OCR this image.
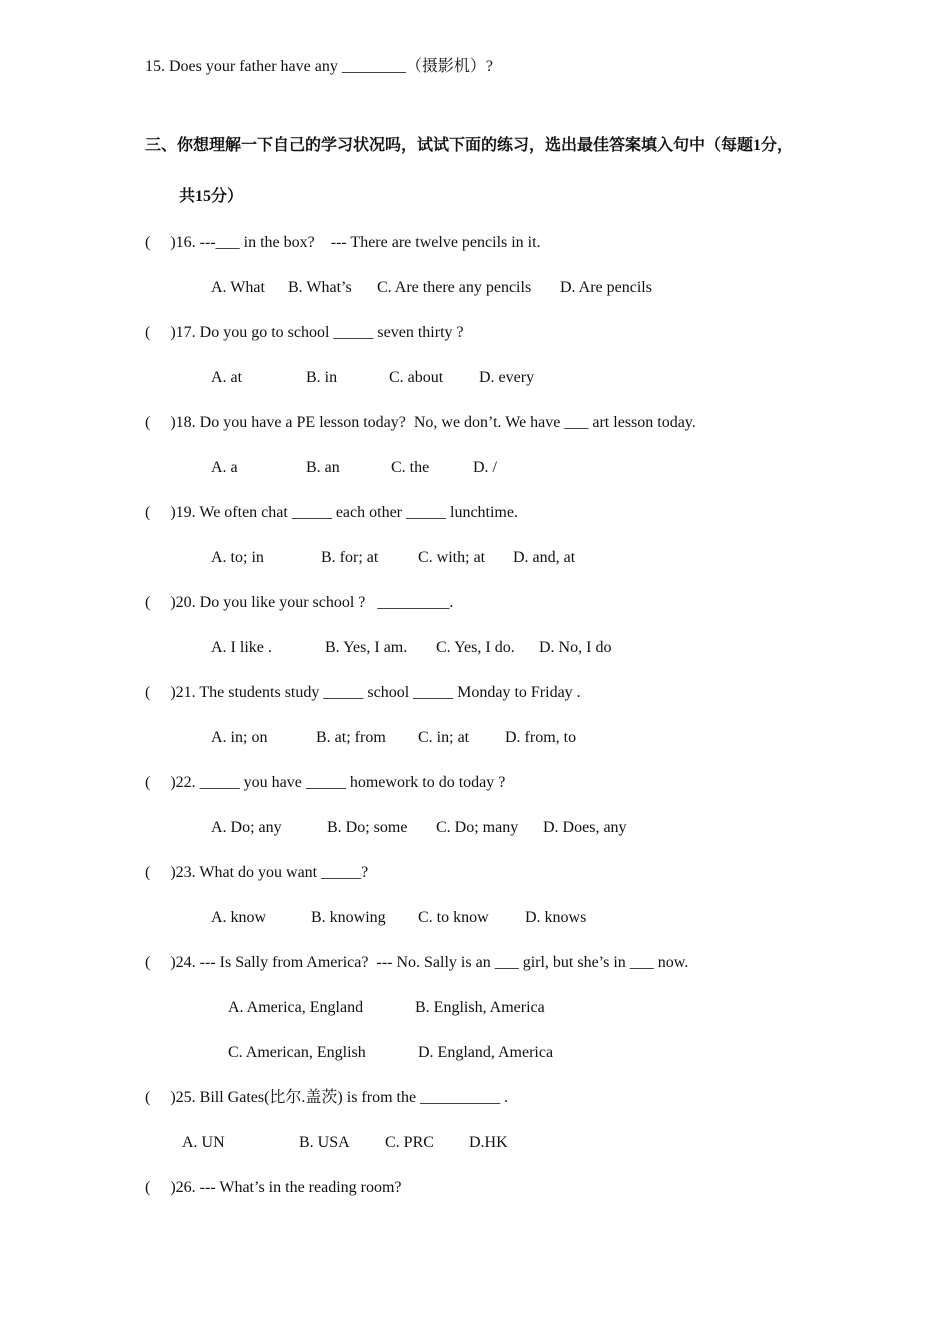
15. Does your father have any ________（摄影机）?
三、你想理解一下自己的学习状况吗，试试下面的练习，选出最佳答案填入句中（每题1分，
共15分）
(     )16. ---___ in the box?    --- There are twelve pencils in it.
A. What B. What’s C. Are there any pencils D. Are pencils
(     )17. Do you go to school _____ seven thirty ?
A. at	B. in	C. about D. every
(     )18. Do you have a PE lesson today?  No, we don’t. We have ___ art lesson today.
A. a	B. an	C. the	D. /
(     )19. We often chat _____ each other _____ lunchtime.
A. to; in	B. for; at C. with; at D. and, at
(     )20. Do you like your school ?   _________.
A. I like .	B. Yes, I am. C. Yes, I do. D. No, I do
(     )21. The students study _____ school _____ Monday to Friday .
A. in; on	B. at; from C. in; at D. from, to
(     )22. _____ you have _____ homework to do today ?
A. Do; any	B. Do; some C. Do; many D. Does, any
(     )23. What do you want _____?
A. know	B. knowing C. to know D. knows
(     )24. --- Is Sally from America?  --- No. Sally is an ___ girl, but she’s in ___ now.
A. America, England	B. English, America
C. American, English	D. England, America
(     )25. Bill Gates(比尔.盖茨) is from the __________ .
A. UN	B. USA C. PRC D.HK
(     )26. --- What’s in the reading room?
